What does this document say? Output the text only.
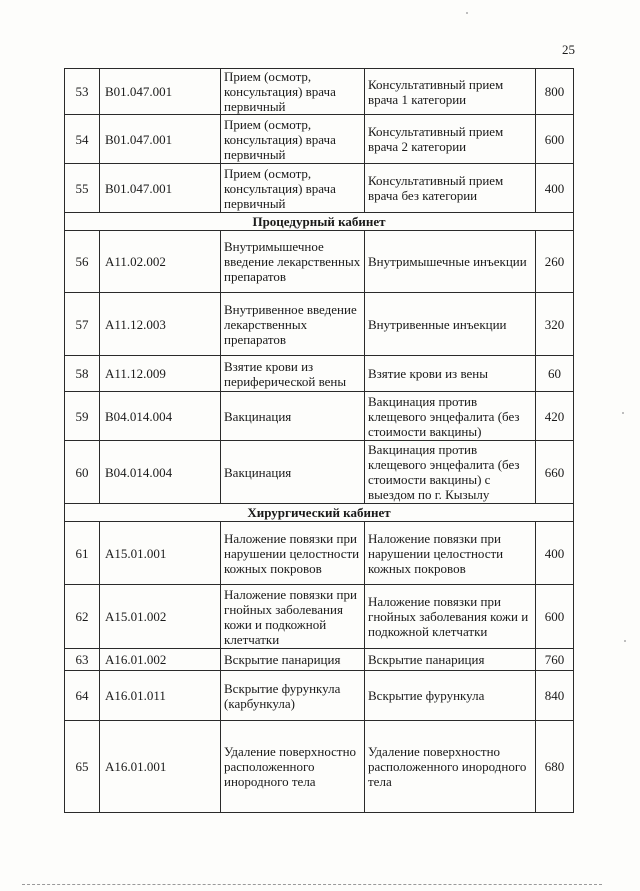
25
53	B01.047.001	Прием (осмотр, консультация) врача первичный	Консультативный прием врача 1 категории	800
54	B01.047.001	Прием (осмотр, консультация) врача первичный	Консультативный прием врача 2 категории	600
55	B01.047.001	Прием (осмотр, консультация) врача первичный	Консультативный прием врача без категории	400
Процедурный кабинет				
56	A11.02.002	Внутримышечное введение лекарственных препаратов	Внутримышечные инъекции	260
57	A11.12.003	Внутривенное введение лекарственных препаратов	Внутривенные инъекции	320
58	A11.12.009	Взятие крови из периферической вены	Взятие крови из вены	60
59	B04.014.004	Вакцинация	Вакцинация против клещевого энцефалита (без стоимости вакцины)	420
60	B04.014.004	Вакцинация	Вакцинация против клещевого энцефалита (без стоимости вакцины) с выездом по г. Кызылу	660
Хирургический кабинет				
61	A15.01.001	Наложение повязки при нарушении целостности кожных покровов	Наложение повязки при нарушении целостности кожных покровов	400
62	A15.01.002	Наложение повязки при гнойных заболевания кожи и подкожной клетчатки	Наложение повязки при гнойных заболевания кожи и подкожной клетчатки	600
63	A16.01.002	Вскрытие панариция	Вскрытие панариция	760
64	A16.01.011	Вскрытие фурункула (карбункула)	Вскрытие фурункула	840
65	A16.01.001	Удаление поверхностно расположенного инородного тела	Удаление поверхностно расположенного инородного тела	680
